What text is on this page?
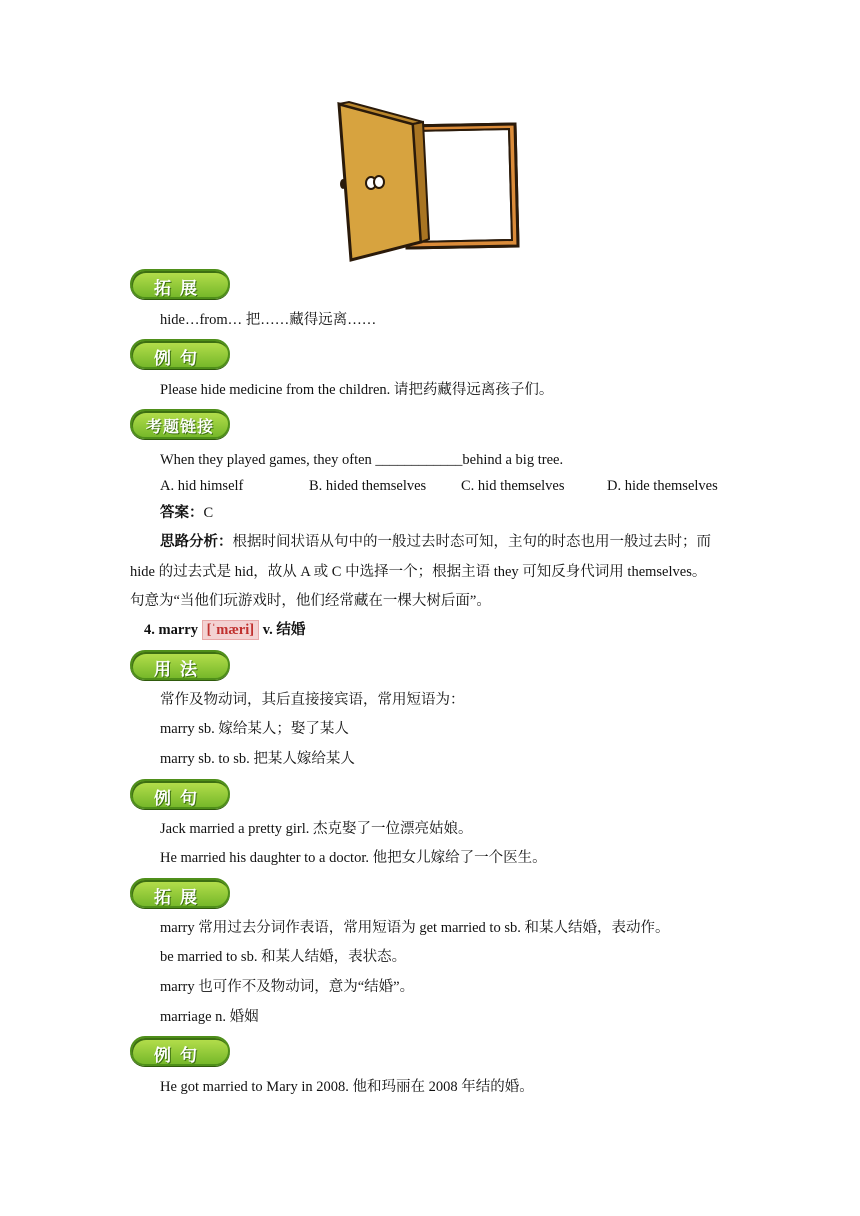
拓展
hide…from… 把……藏得远离……
例句
Please hide medicine from the children. 请把药藏得远离孩子们。
考题链接
When they played games, they often ____________behind a big tree.
A. hid himself	B. hided themselves C. hid themselves	D. hide themselves
答案：C
思路分析：根据时间状语从句中的一般过去时态可知，主句的时态也用一般过去时；而
hide 的过去式是 hid，故从 A 或 C 中选择一个；根据主语 they 可知反身代词用 themselves。
句意为“当他们玩游戏时，他们经常藏在一棵大树后面”。
4. marry [ˈmæri] v. 结婚
用法
常作及物动词，其后直接接宾语，常用短语为：
marry sb. 嫁给某人；娶了某人
marry sb. to sb. 把某人嫁给某人
例句
Jack married a pretty girl. 杰克娶了一位漂亮姑娘。
He married his daughter to a doctor. 他把女儿嫁给了一个医生。
拓展
marry 常用过去分词作表语，常用短语为 get married to sb. 和某人结婚，表动作。
be married to sb. 和某人结婚，表状态。
marry 也可作不及物动词，意为“结婚”。
marriage n. 婚姻
例句
He got married to Mary in 2008. 他和玛丽在 2008 年结的婚。
